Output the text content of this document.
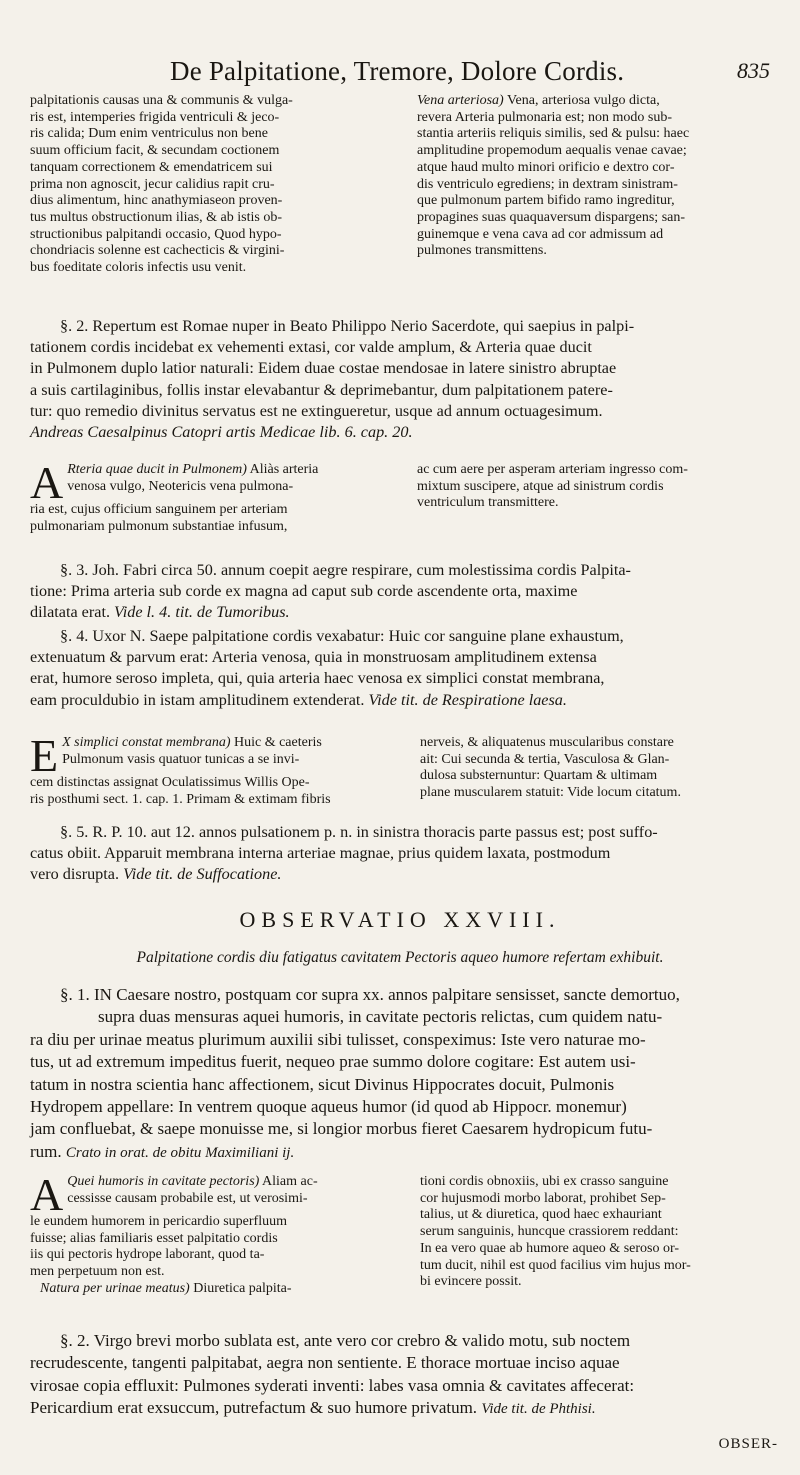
De Palpitatione, Tremore, Dolore Cordis.	835

palpitationis causas una & communis & vulga-

ris est, intemperies frigida ventriculi & jeco-

ris calida; Dum enim ventriculus non bene

suum officium facit, & secundam coctionem

tanquam correctionem & emendatricem sui

prima non agnoscit, jecur calidius rapit cru-

dius alimentum, hinc anathymiaseon proven-

tus multus obstructionum ilias, & ab istis ob-

structionibus palpitandi occasio, Quod hypo-

chondriacis solenne est cachecticis & virgini-

bus foeditate coloris infectis usu venit.

Vena arteriosa) Vena, arteriosa vulgo dicta,

revera Arteria pulmonaria est; non modo sub-

stantia arteriis reliquis similis, sed & pulsu: haec

amplitudine propemodum aequalis venae cavae;

atque haud multo minori orificio e dextro cor-

dis ventriculo egrediens; in dextram sinistram-

que pulmonum partem bifido ramo ingreditur,

propagines suas quaquaversum dispargens; san-

guinemque e vena cava ad cor admissum ad

pulmones transmittens.

§. 2. Repertum est Romae nuper in Beato Philippo Nerio Sacerdote, qui saepius in palpi-

tationem cordis incidebat ex vehementi extasi, cor valde amplum, & Arteria quae ducit

in Pulmonem duplo latior naturali: Eidem duae costae mendosae in latere sinistro abruptae

a suis cartilaginibus, follis instar elevabantur & deprimebantur, dum palpitationem patere-

tur: quo remedio divinitus servatus est ne extingueretur, usque ad annum octuagesimum.

Andreas Caesalpinus Catopri artis Medicae lib. 6. cap. 20.

A Rteria quae ducit in Pulmonem) Aliàs arteria

venosa vulgo, Neotericis vena pulmona-

ria est, cujus officium sanguinem per arteriam

pulmonariam pulmonum substantiae infusum,

ac cum aere per asperam arteriam ingresso com-

mixtum suscipere, atque ad sinistrum cordis

ventriculum transmittere.

§. 3. Joh. Fabri circa 50. annum coepit aegre respirare, cum molestissima cordis Palpita-

tione: Prima arteria sub corde ex magna ad caput sub corde ascendente orta, maxime

dilatata erat. Vide l. 4. tit. de Tumoribus.

§. 4. Uxor N. Saepe palpitatione cordis vexabatur: Huic cor sanguine plane exhaustum,

extenuatum & parvum erat: Arteria venosa, quia in monstruosam amplitudinem extensa

erat, humore seroso impleta, qui, quia arteria haec venosa ex simplici constat membrana,

eam proculdubio in istam amplitudinem extenderat. Vide tit. de Respiratione laesa.

E X simplici constat membrana) Huic & caeteris

Pulmonum vasis quatuor tunicas a se invi-

cem distinctas assignat Oculatissimus Willis Ope-

ris posthumi sect. 1. cap. 1. Primam & extimam fibris

nerveis, & aliquatenus muscularibus constare

ait: Cui secunda & tertia, Vasculosa & Glan-

dulosa substernuntur: Quartam & ultimam

plane muscularem statuit: Vide locum citatum.

§. 5. R. P. 10. aut 12. annos pulsationem p. n. in sinistra thoracis parte passus est; post suffo-

catus obiit. Apparuit membrana interna arteriae magnae, prius quidem laxata, postmodum

vero disrupta. Vide tit. de Suffocatione.

OBSERVATIO XXVIII.
Palpitatione cordis diu fatigatus cavitatem Pectoris aqueo humore refertam exhibuit.

§. 1. IN Caesare nostro, postquam cor supra xx. annos palpitare sensisset, sancte demortuo,

supra duas mensuras aquei humoris, in cavitate pectoris relictas, cum quidem natu-

ra diu per urinae meatus plurimum auxilii sibi tulisset, conspeximus: Iste vero naturae mo-

tus, ut ad extremum impeditus fuerit, nequeo prae summo dolore cogitare: Est autem usi-

tatum in nostra scientia hanc affectionem, sicut Divinus Hippocrates docuit, Pulmonis

Hydropem appellare: In ventrem quoque aqueus humor (id quod ab Hippocr. monemur)

jam confluebat, & saepe monuisse me, si longior morbus fieret Caesarem hydropicum futu-

rum. Crato in orat. de obitu Maximiliani ij.

A Quei humoris in cavitate pectoris) Aliam ac-

cessisse causam probabile est, ut verosimi-

le eundem humorem in pericardio superfluum

fuisse; alias familiaris esset palpitatio cordis

iis qui pectoris hydrope laborant, quod ta-

men perpetuum non est.

Natura per urinae meatus) Diuretica palpita-

tioni cordis obnoxiis, ubi ex crasso sanguine

cor hujusmodi morbo laborat, prohibet Sep-

talius, ut & diuretica, quod haec exhauriant

serum sanguinis, huncque crassiorem reddant:

In ea vero quae ab humore aqueo & seroso or-

tum ducit, nihil est quod facilius vim hujus mor-

bi evincere possit.

§. 2. Virgo brevi morbo sublata est, ante vero cor crebro & valido motu, sub noctem

recrudescente, tangenti palpitabat, aegra non sentiente. E thorace mortuae inciso aquae

virosae copia effluxit: Pulmones syderati inventi: labes vasa omnia & cavitates affecerat:

Pericardium erat exsuccum, putrefactum & suo humore privatum. Vide tit. de Phthisi.

OBSER-
